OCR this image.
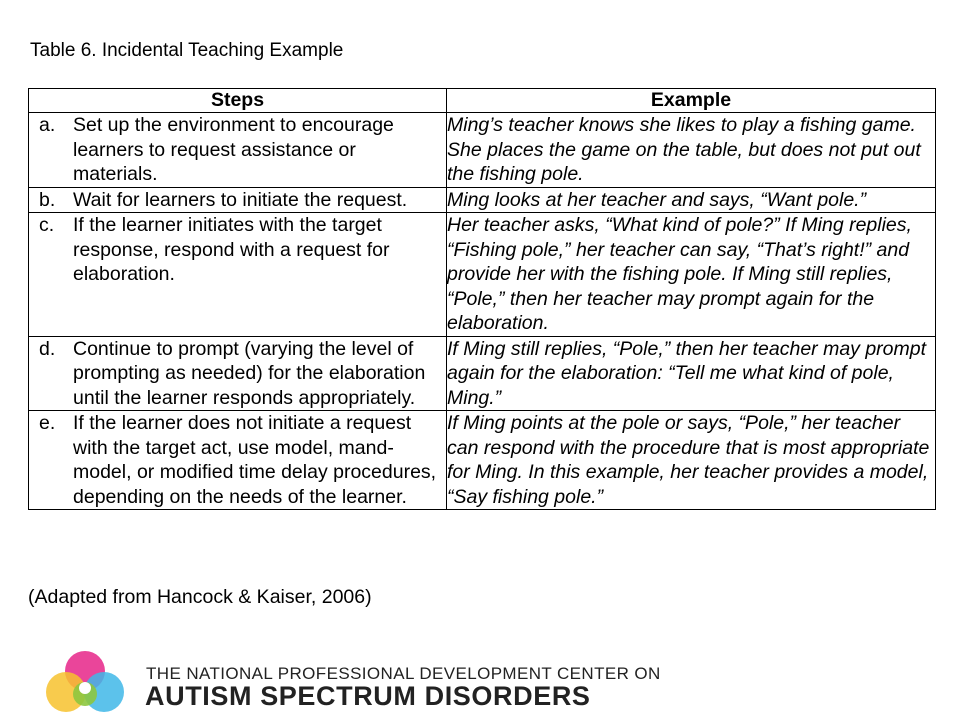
Table 6. Incidental Teaching Example
Steps	Example

a. Set up the environment to encourage learners to request assistance or materials.	Ming’s teacher knows she likes to play a fishing game. She places the game on the table, but does not put out the fishing pole.

b. Wait for learners to initiate the request.	Ming looks at her teacher and says, “Want pole.”

c. If the learner initiates with the target response, respond with a request for elaboration.	Her teacher asks, “What kind of pole?” If Ming replies, “Fishing pole,” her teacher can say, “That’s right!” and provide her with the fishing pole. If Ming still replies, “Pole,” then her teacher may prompt again for the elaboration.

d. Continue to prompt (varying the level of prompting as needed) for the elaboration until the learner responds appropriately.	If Ming still replies, “Pole,” then her teacher may prompt again for the elaboration: “Tell me what kind of pole, Ming.”

e. If the learner does not initiate a request with the target act, use model, mand-model, or modified time delay procedures, depending on the needs of the learner.	If Ming points at the pole or says, “Pole,” her teacher can respond with the procedure that is most appropriate for Ming. In this example, her teacher provides a model, “Say fishing pole.”
(Adapted from Hancock & Kaiser, 2006)
THE NATIONAL PROFESSIONAL DEVELOPMENT CENTER ON
AUTISM SPECTRUM DISORDERS
